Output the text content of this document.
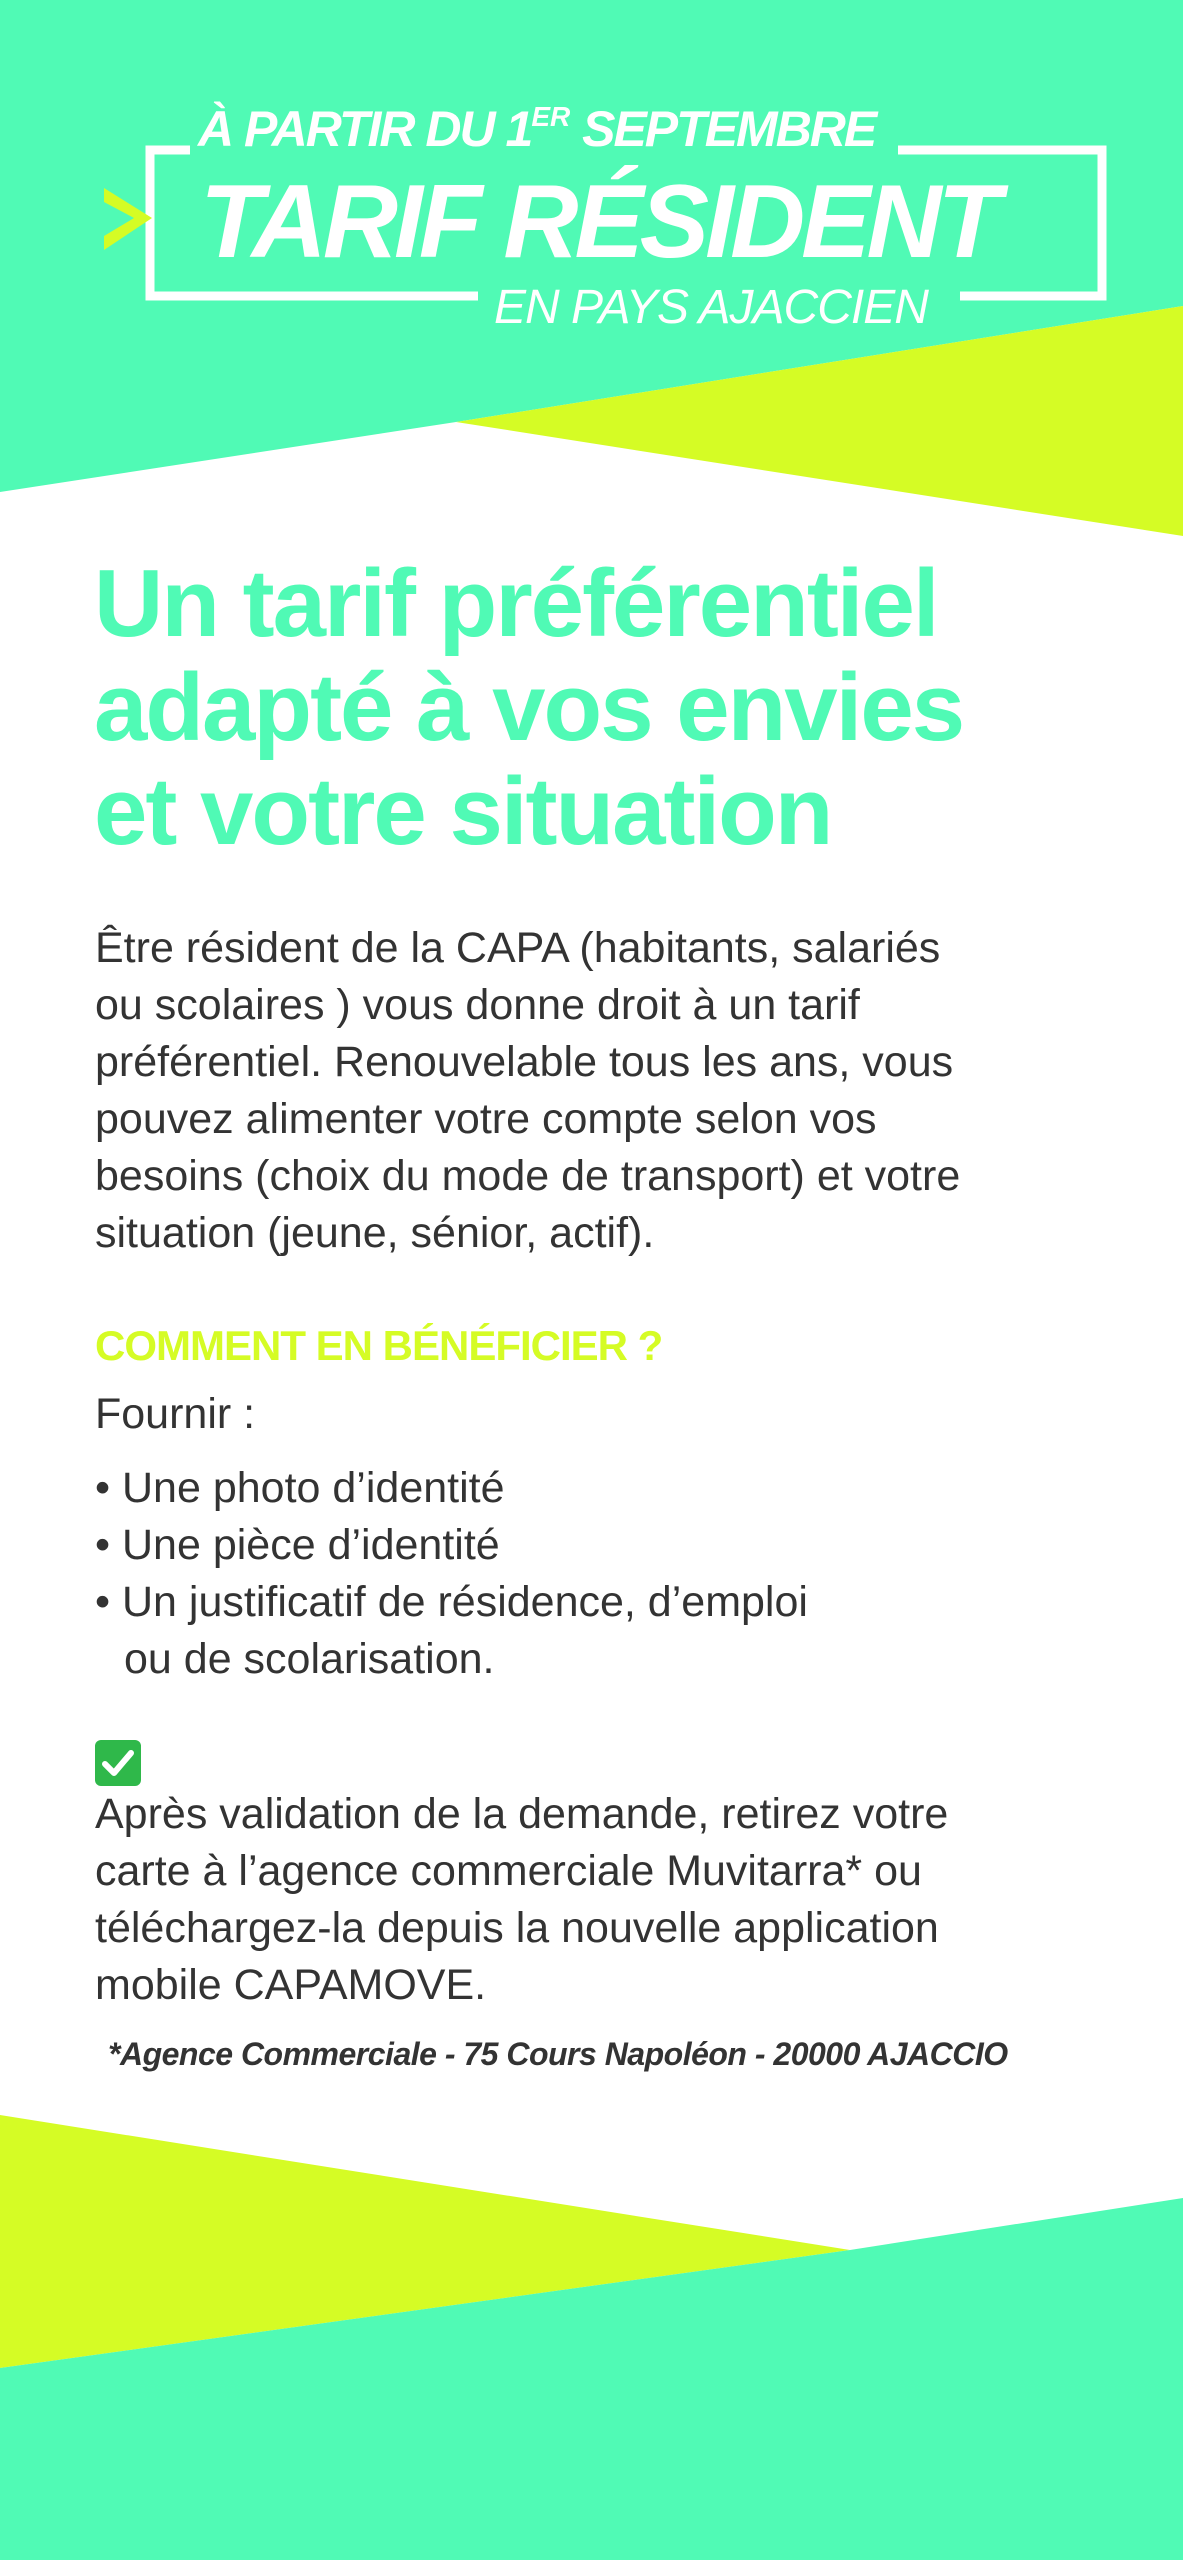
À PARTIR DU 1ER SEPTEMBRE
TARIF RÉSIDENT
EN PAYS AJACCIEN
Un tarif préférentiel
adapté à vos envies
et votre situation
Être résident de la CAPA (habitants, salariés
ou scolaires ) vous donne droit à un tarif
préférentiel. Renouvelable tous les ans, vous
pouvez alimenter votre compte selon vos
besoins (choix du mode de transport) et votre
situation (jeune, sénior, actif).
COMMENT EN BÉNÉFICIER ?
Fournir :
• Une photo d’identité
• Une pièce d’identité
• Un justificatif de résidence, d’emploi
ou de scolarisation.
Après validation de la demande, retirez votre
carte à l’agence commerciale Muvitarra* ou
téléchargez-la depuis la nouvelle application
mobile CAPAMOVE.
*Agence Commerciale - 75 Cours Napoléon - 20000 AJACCIO
